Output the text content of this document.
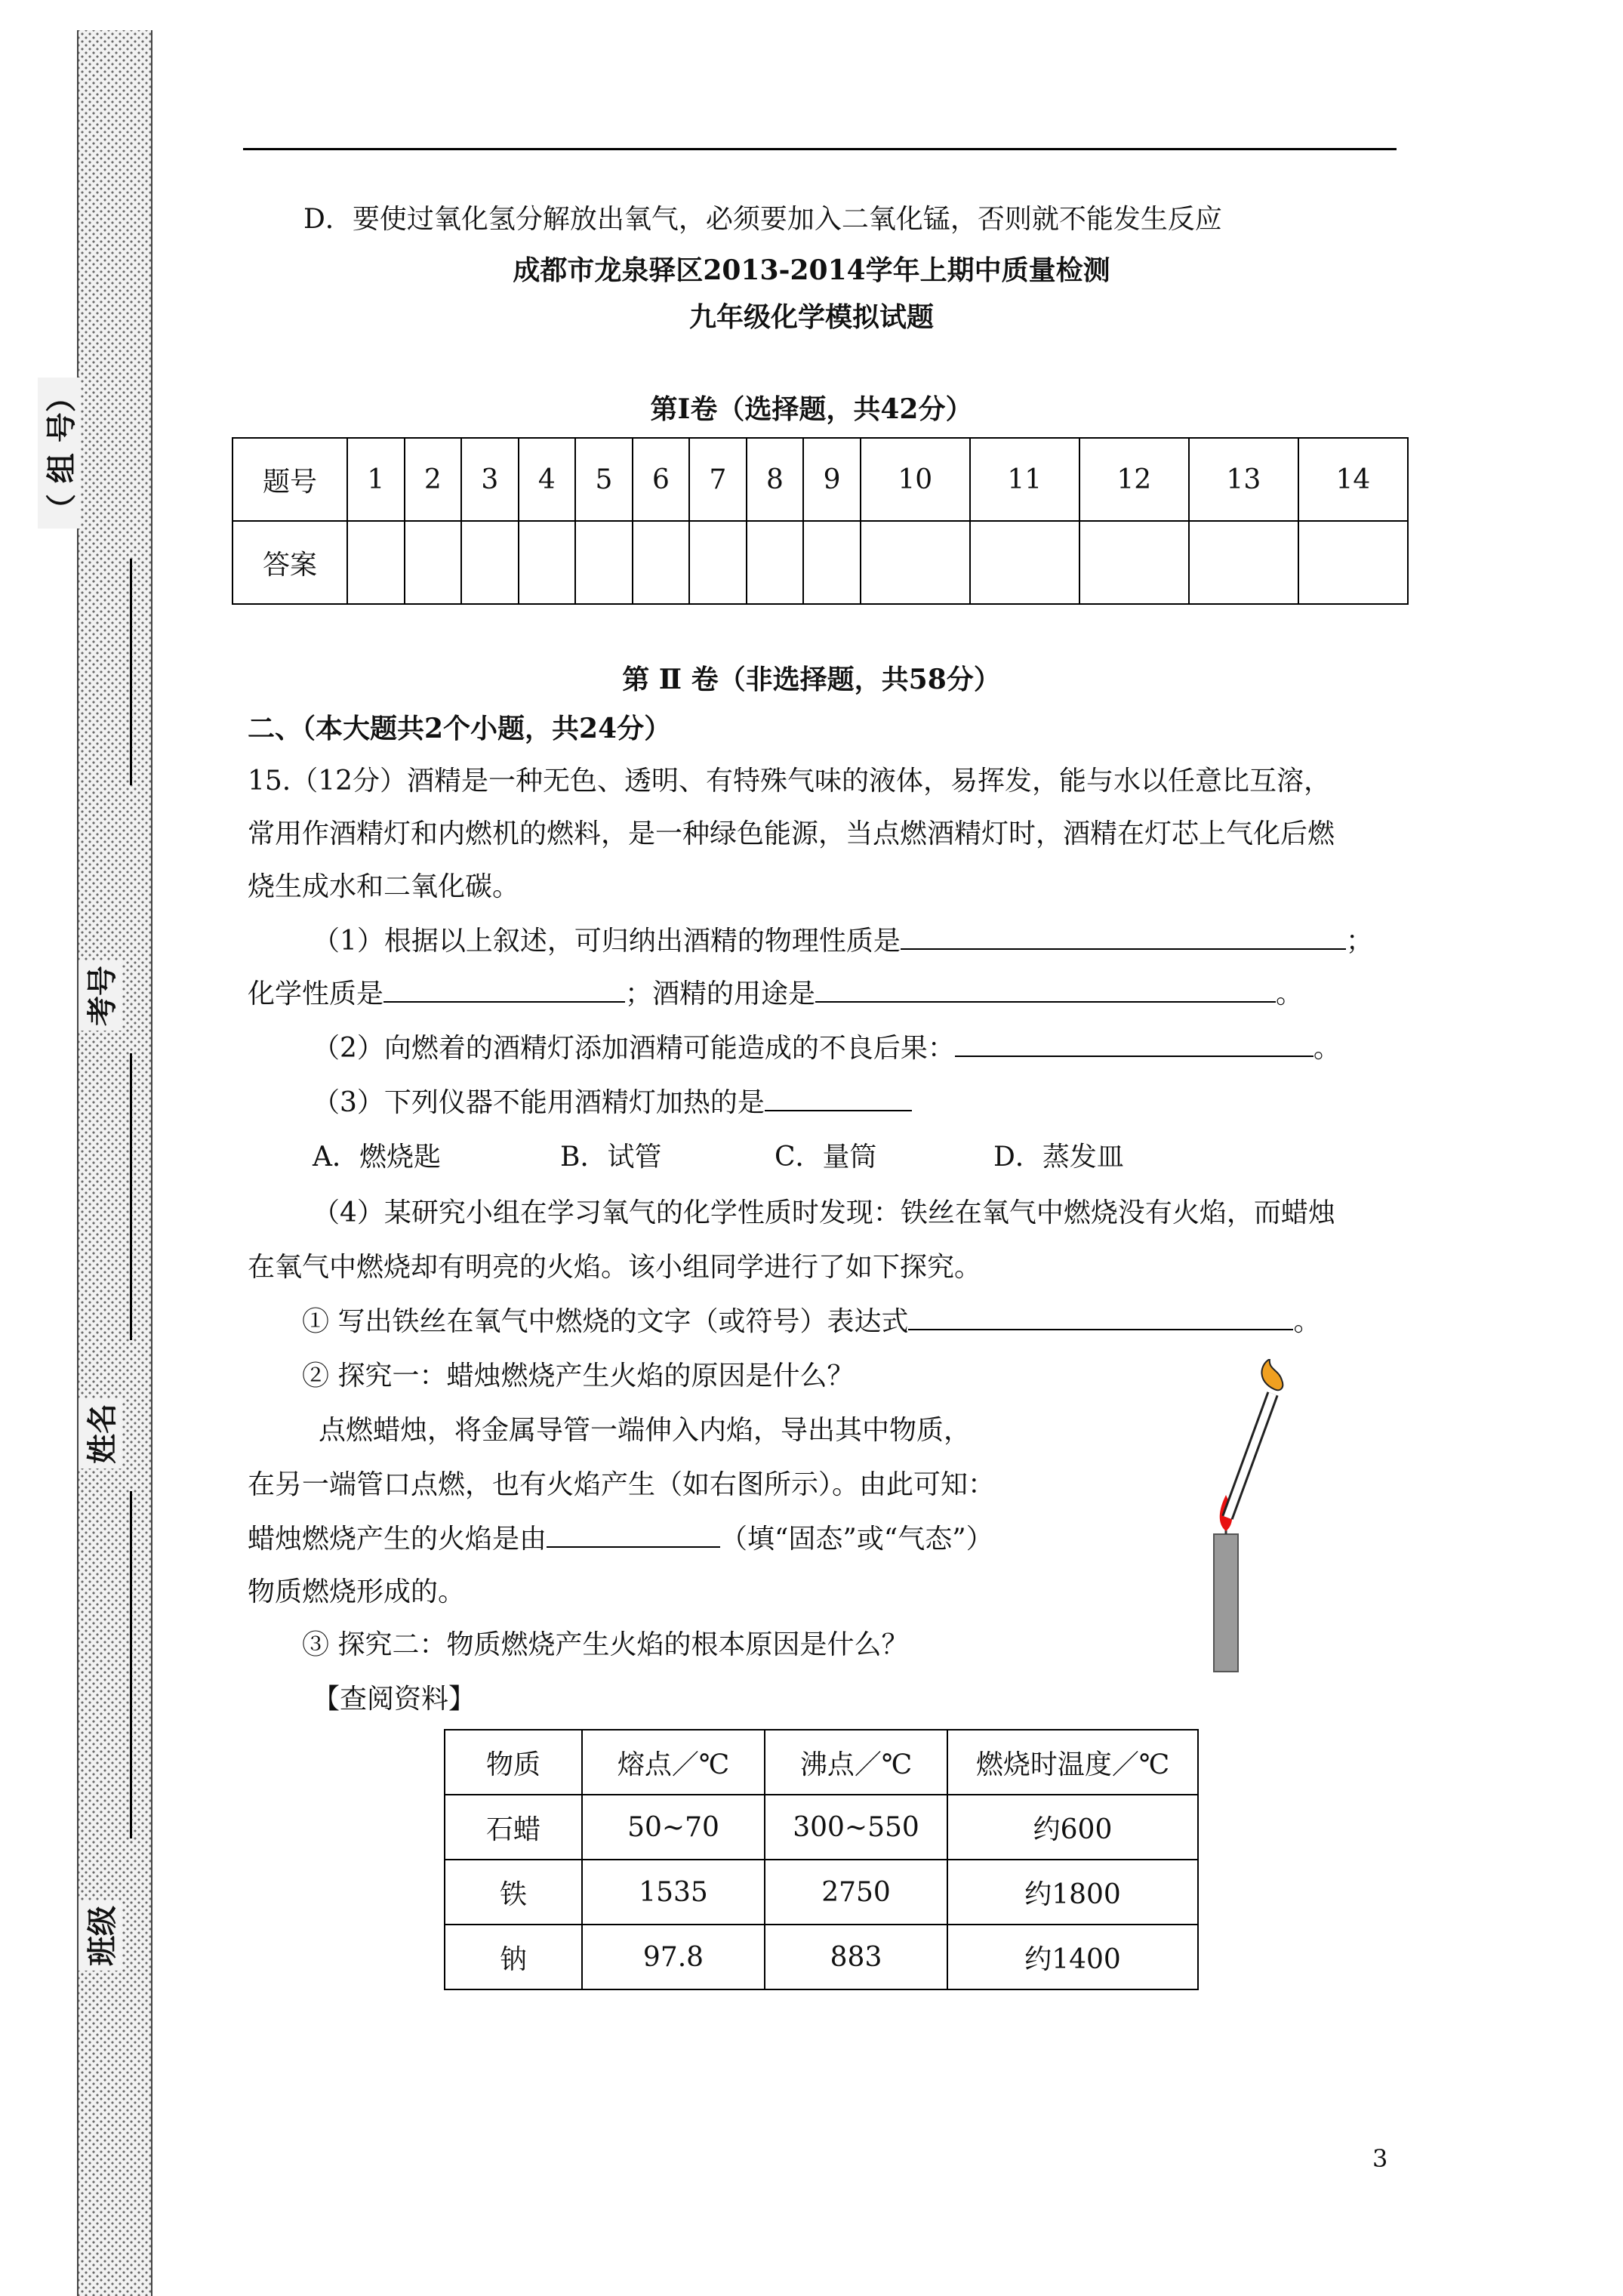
（ 组 号）
考号
姓名
班级
D．要使过氧化氢分解放出氧气，必须要加入二氧化锰，否则就不能发生反应
成都市龙泉驿区2013-2014学年上期中质量检测
九年级化学模拟试题
第Ⅰ卷（选择题，共42分）
题号	1	2	3	4	5	6	7	8	9	10	11	12	13	14
答案														
第 Ⅱ 卷（非选择题，共58分）
二、（本大题共2个小题，共24分）
15.（12分）酒精是一种无色、透明、有特殊气味的液体，易挥发，能与水以任意比互溶，
常用作酒精灯和内燃机的燃料，是一种绿色能源，当点燃酒精灯时，酒精在灯芯上气化后燃
烧生成水和二氧化碳。
（1）根据以上叙述，可归纳出酒精的物理性质是	；
化学性质是	；酒精的用途是	。
（2）向燃着的酒精灯添加酒精可能造成的不良后果：	。
（3）下列仪器不能用酒精灯加热的是
A．燃烧匙	B．试管	C．量筒	D．蒸发皿
（4）某研究小组在学习氧气的化学性质时发现：铁丝在氧气中燃烧没有火焰，而蜡烛
在氧气中燃烧却有明亮的火焰。该小组同学进行了如下探究。
① 写出铁丝在氧气中燃烧的文字（或符号）表达式	。
② 探究一：蜡烛燃烧产生火焰的原因是什么？
点燃蜡烛，将金属导管一端伸入内焰，导出其中物质，
在另一端管口点燃，也有火焰产生（如右图所示）。由此可知：
蜡烛燃烧产生的火焰是由	（填“固态”或“气态”）
物质燃烧形成的。
③ 探究二：物质燃烧产生火焰的根本原因是什么？
【查阅资料】
物质	熔点／℃	沸点／℃	燃烧时温度／℃
石蜡	50~70	300~550	约600
铁	1535	2750	约1800
钠	97.8	883	约1400
3
